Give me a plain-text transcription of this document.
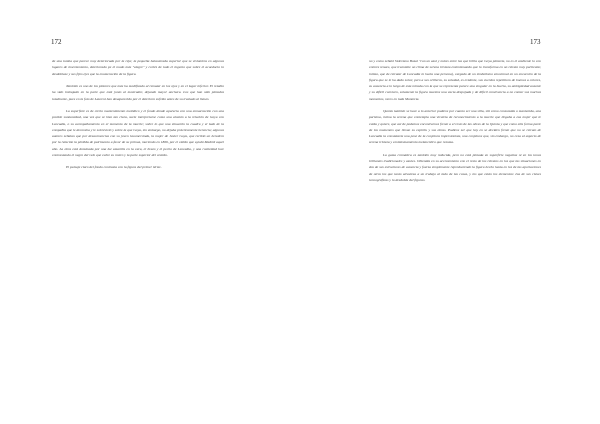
172

de una tumba que parece muy deteriorada por la reja; la pequeña balaustrada superior que se vislumbra en algunos lugares de insertamiento, deteriorado pe el modo más "alegre" y cortés de todo el ingenio que sobre el acueducto lo desdoblase y sus fijos ejes que la enumeración de la figura.

También es uno de los pintores que más ha modificado al rematar en los ojos y en el lugar inferior. El retablo ha sido trabajado en la parte que está junto al mostrador, dejando mayor anchura. Los que han sido pintados totalmente, pues en la foto de Laurent han desaparecido por el deterioro sufrido antes de su traslado al lienzo.

La superficie es de cierto mantenimiento metódico y el fondo donde aparecía con una enmarcación con una posible suntuosidad, una vez que se hizo tan clara, suele interpretarse como una alusión a la relación de Goya con Leocadia, o su acompañamiento en el momento de la muerte; sobre lo que una situación la cuadra y el lado de la compañía que le decoraba y le sobrevivió y sobre la que Goya, sin embargo, no dejaba prácticamente herencia; algunos autores señalan que por desavenencias con su joven Guumersinda, la mujer de Javier Goya, que recibió un heredero por la relación la pérdida de patrimonio a favor de su primaz, muriendo en 1866, por el cálido que ayudó Madrid aquel año. La obra está dominada por una luz amarilla en la cara, el brazo y el pecho de Leocadia, y una rusticidad luce contrastando el negro del velo que cubre su rostro y la parte superior del vestido.

El paisaje claro del fondo contrasta con la figura del primer térmi-

173

no y como señaló Valeriano Bozal "con un azul y nubes entre las que brilla que Goya pintaría, no es el ambiente lo con colores tenues, que transmite un clima de serena tristeza ensimismando que lo transforma en un retrato muy particular, íntimo, que de retratar de Leocadia lo hacía una persona), cargado de un simbolismo emocional en un encuentro de la figura que se le ha dado solos; pero a sus orilleros, su soledad, es evidente, sus cuerdos repetitivos de buenos a colores, su ausencia a lo largo de esta mirada con la que su representa parece una singular en la huerta, su ambigüedad ausente y su difícil conviven, solamente la figura muestra una vacía despojada y de difícil convivencia a no contar sus muchos momentos, raros en toda Montoria.

Quizás también se hace a lo anterior pudiera por cuanto ser una silla, siti como consumida o mantenida, una parisina, rutina la serena que contempla una viruleta de reconocimiento a la muerte que llegaba a esa mujer que le cuida y quiere, que así de podemos encontrarnos frente a el resto de las obras de la Quinta y que como ella forma parte de los momentos que llevan su espíritu y sus obras. Pudiera ser que hoy en se deciden frente que no se retrato de Leocadia la constataría una pose de la conjetura impresionista, una conjetura que, sin embargo, no cesa al aspecto de serena tristeza y ensimismamiento melancólico que rezuma.

La gama cromática es también muy reducida, pero no está pintada en superficie negativa ni en los tonos brillantes tradicionales y azules. Obtenida en su acercamiento con el resto de los retratos en los que las situaciones en dos de sus estructuras de ausencia y fuerza simplemente reproduciendo la figura hecho hasta en los de las aportaciones de otros los que tanto atraviesa a un trabajo al lado de las cosas, y los que están los elementos: ésa de sus claves iconográficas y lo desdobla del figuras.
